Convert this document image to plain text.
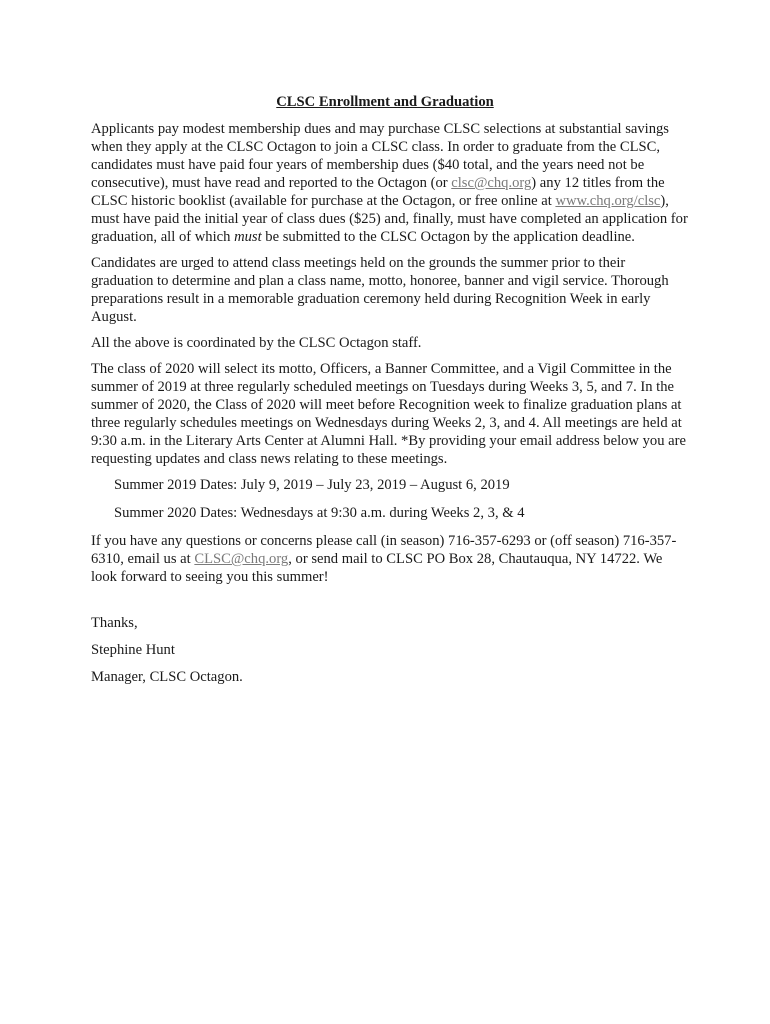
CLSC Enrollment and Graduation

Applicants pay modest membership dues and may purchase CLSC selections at substantial savings when they apply at the CLSC Octagon to join a CLSC class. In order to graduate from the CLSC, candidates must have paid four years of membership dues ($40 total, and the years need not be consecutive), must have read and reported to the Octagon (or clsc@chq.org) any 12 titles from the CLSC historic booklist (available for purchase at the Octagon, or free online at www.chq.org/clsc), must have paid the initial year of class dues ($25) and, finally, must have completed an application for graduation, all of which must be submitted to the CLSC Octagon by the application deadline.

Candidates are urged to attend class meetings held on the grounds the summer prior to their graduation to determine and plan a class name, motto, honoree, banner and vigil service. Thorough preparations result in a memorable graduation ceremony held during Recognition Week in early August.

All the above is coordinated by the CLSC Octagon staff.

The class of 2020 will select its motto, Officers, a Banner Committee, and a Vigil Committee in the summer of 2019 at three regularly scheduled meetings on Tuesdays during Weeks 3, 5, and 7. In the summer of 2020, the Class of 2020 will meet before Recognition week to finalize graduation plans at three regularly schedules meetings on Wednesdays during Weeks 2, 3, and 4. All meetings are held at 9:30 a.m. in the Literary Arts Center at Alumni Hall. *By providing your email address below you are requesting updates and class news relating to these meetings.

Summer 2019 Dates: July 9, 2019 – July 23, 2019 – August 6, 2019

Summer 2020 Dates: Wednesdays at 9:30 a.m. during Weeks 2, 3, & 4

If you have any questions or concerns please call (in season) 716-357-6293 or (off season) 716-357-6310, email us at CLSC@chq.org, or send mail to CLSC PO Box 28, Chautauqua, NY 14722. We look forward to seeing you this summer!

Thanks,

Stephine Hunt

Manager, CLSC Octagon.
